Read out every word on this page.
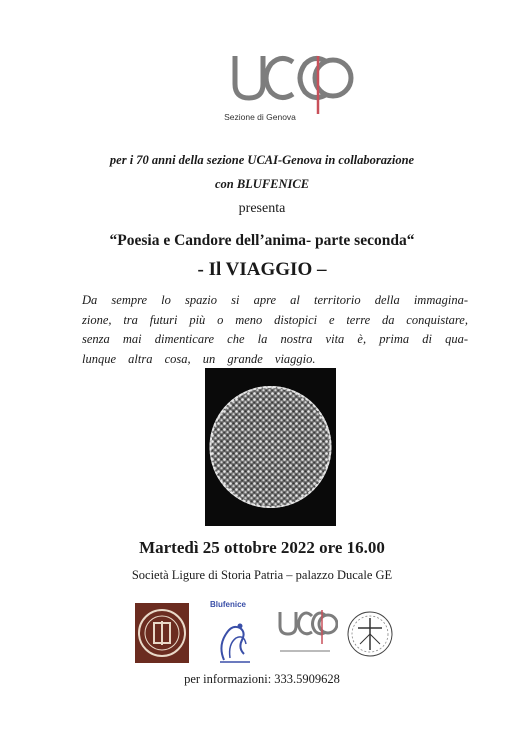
Sezione di Genova
per i 70 anni della sezione UCAI-Genova in collaborazione
con BLUFENICE
presenta
“Poesia e Candore dell’anima- parte seconda“
- Il VIAGGIO –
Da sempre lo spazio si apre al territorio della immagina-
zione, tra futuri più o meno distopici e terre da conquistare,
senza mai dimenticare che la nostra vita è, prima di qua-
lunque altra cosa, un grande viaggio.
Martedì 25 ottobre 2022 ore 16.00
Società Ligure di Storia Patria – palazzo Ducale GE
Blufenice
per informazioni: 333.5909628
